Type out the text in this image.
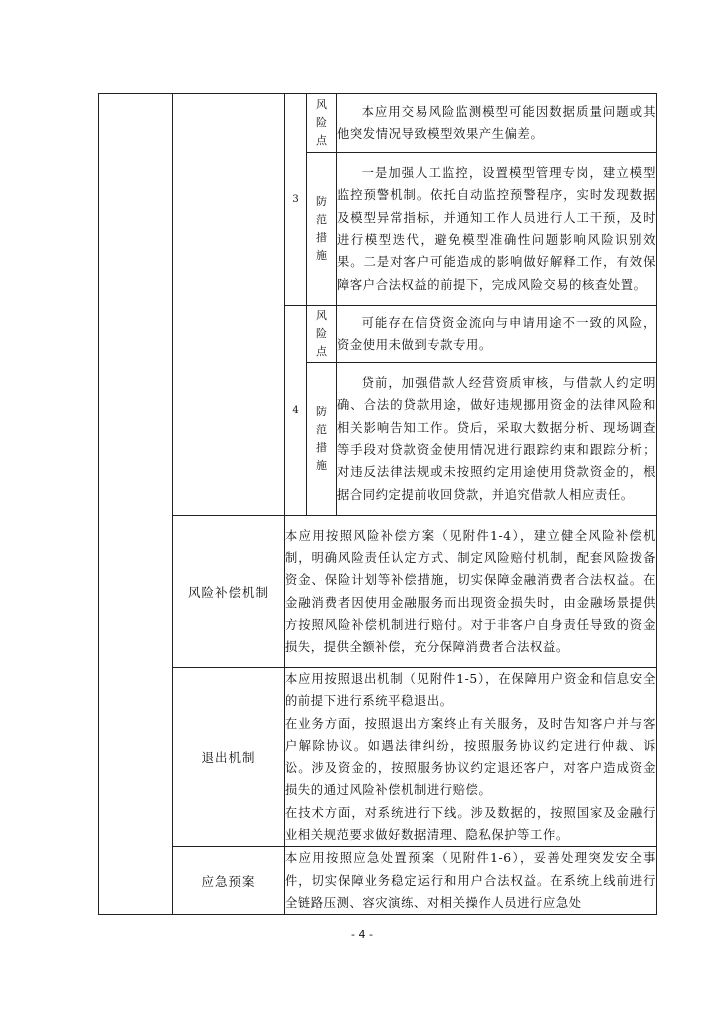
		3	风
险
点	本应用交易风险监测模型可能因数据质量问题或其他突发情况导致模型效果产生偏差。

			防
范
措
施	一是加强人工监控，设置模型管理专岗，建立模型监控预警机制。依托自动监控预警程序，实时发现数据及模型异常指标，并通知工作人员进行人工干预，及时进行模型迭代，避免模型准确性问题影响风险识别效果。二是对客户可能造成的影响做好解释工作，有效保障客户合法权益的前提下，完成风险交易的核查处置。

		4	风
险
点	可能存在信贷资金流向与申请用途不一致的风险，资金使用未做到专款专用。

			防
范
措
施	贷前，加强借款人经营资质审核，与借款人约定明确、合法的贷款用途，做好违规挪用资金的法律风险和相关影响告知工作。贷后，采取大数据分析、现场调查等手段对贷款资金使用情况进行跟踪约束和跟踪分析；对违反法律法规或未按照约定用途使用贷款资金的，根据合同约定提前收回贷款，并追究借款人相应责任。

	风险补偿机制	本应用按照风险补偿方案（见附件1-4），建立健全风险补偿机制，明确风险责任认定方式、制定风险赔付机制，配套风险拨备资金、保险计划等补偿措施，切实保障金融消费者合法权益。在金融消费者因使用金融服务而出现资金损失时，由金融场景提供方按照风险补偿机制进行赔付。对于非客户自身责任导致的资金损失，提供全额补偿，充分保障消费者合法权益。		

	退出机制	本应用按照退出机制（见附件1-5），在保障用户资金和信息安全的前提下进行系统平稳退出。

在业务方面，按照退出方案终止有关服务，及时告知客户并与客户解除协议。如遇法律纠纷，按照服务协议约定进行仲裁、诉讼。涉及资金的，按照服务协议约定退还客户，对客户造成资金损失的通过风险补偿机制进行赔偿。

在技术方面，对系统进行下线。涉及数据的，按照国家及金融行业相关规范要求做好数据清理、隐私保护等工作。		

	应急预案	本应用按照应急处置预案（见附件1-6），妥善处理突发安全事件，切实保障业务稳定运行和用户合法权益。在系统上线前进行全链路压测、容灾演练、对相关操作人员进行应急处		

- 4 -
